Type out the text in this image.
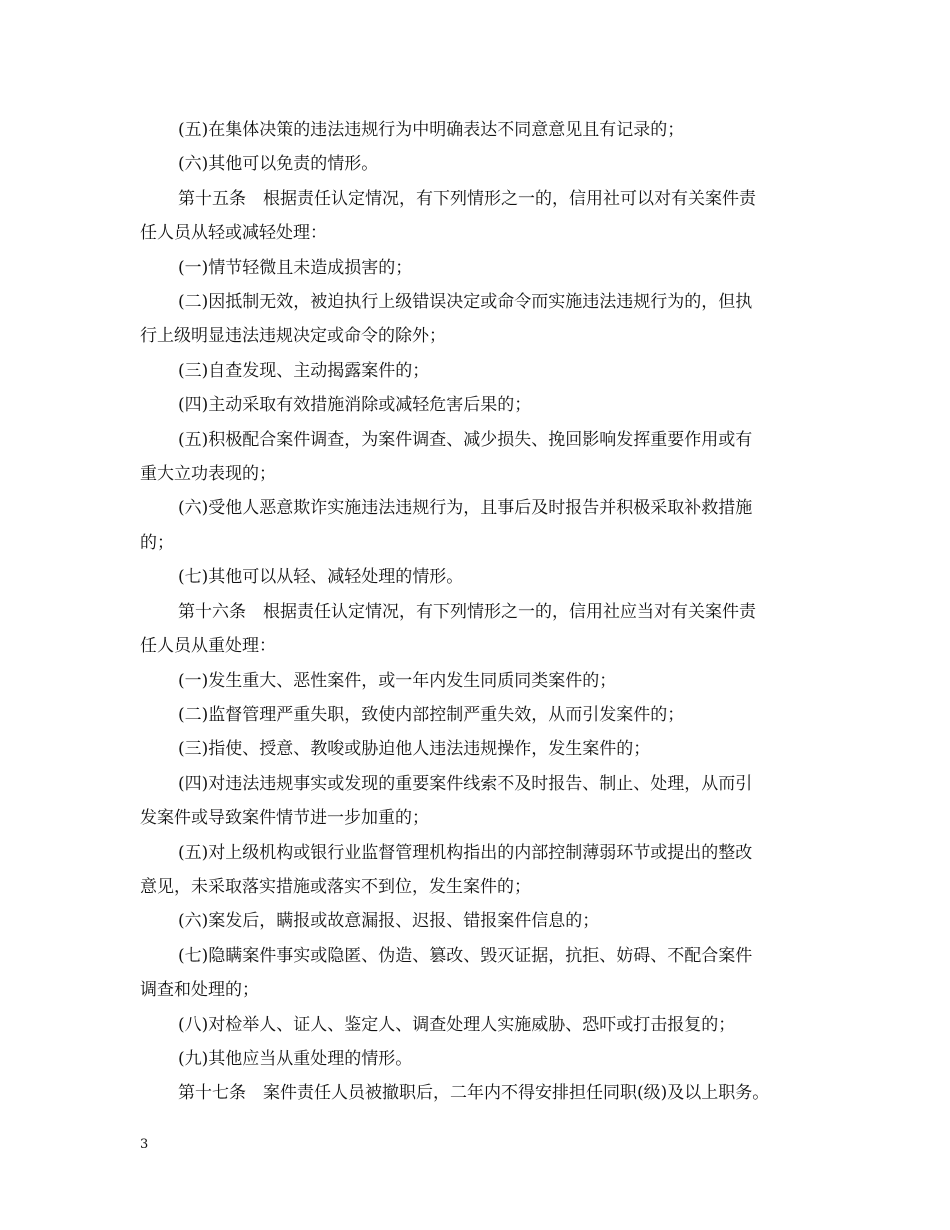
(五)在集体决策的违法违规行为中明确表达不同意意见且有记录的；

(六)其他可以免责的情形。

第十五条　根据责任认定情况，有下列情形之一的，信用社可以对有关案件责

任人员从轻或减轻处理：

(一)情节轻微且未造成损害的；

(二)因抵制无效，被迫执行上级错误决定或命令而实施违法违规行为的，但执

行上级明显违法违规决定或命令的除外；

(三)自查发现、主动揭露案件的；

(四)主动采取有效措施消除或减轻危害后果的；

(五)积极配合案件调查，为案件调查、减少损失、挽回影响发挥重要作用或有

重大立功表现的；

(六)受他人恶意欺诈实施违法违规行为，且事后及时报告并积极采取补救措施

的；

(七)其他可以从轻、减轻处理的情形。

第十六条　根据责任认定情况，有下列情形之一的，信用社应当对有关案件责

任人员从重处理：

(一)发生重大、恶性案件，或一年内发生同质同类案件的；

(二)监督管理严重失职，致使内部控制严重失效，从而引发案件的；

(三)指使、授意、教唆或胁迫他人违法违规操作，发生案件的；

(四)对违法违规事实或发现的重要案件线索不及时报告、制止、处理，从而引

发案件或导致案件情节进一步加重的；

(五)对上级机构或银行业监督管理机构指出的内部控制薄弱环节或提出的整改

意见，未采取落实措施或落实不到位，发生案件的；

(六)案发后，瞒报或故意漏报、迟报、错报案件信息的；

(七)隐瞒案件事实或隐匿、伪造、篡改、毁灭证据，抗拒、妨碍、不配合案件

调查和处理的；

(八)对检举人、证人、鉴定人、调查处理人实施威胁、恐吓或打击报复的；

(九)其他应当从重处理的情形。

第十七条　案件责任人员被撤职后，二年内不得安排担任同职(级)及以上职务。

3
